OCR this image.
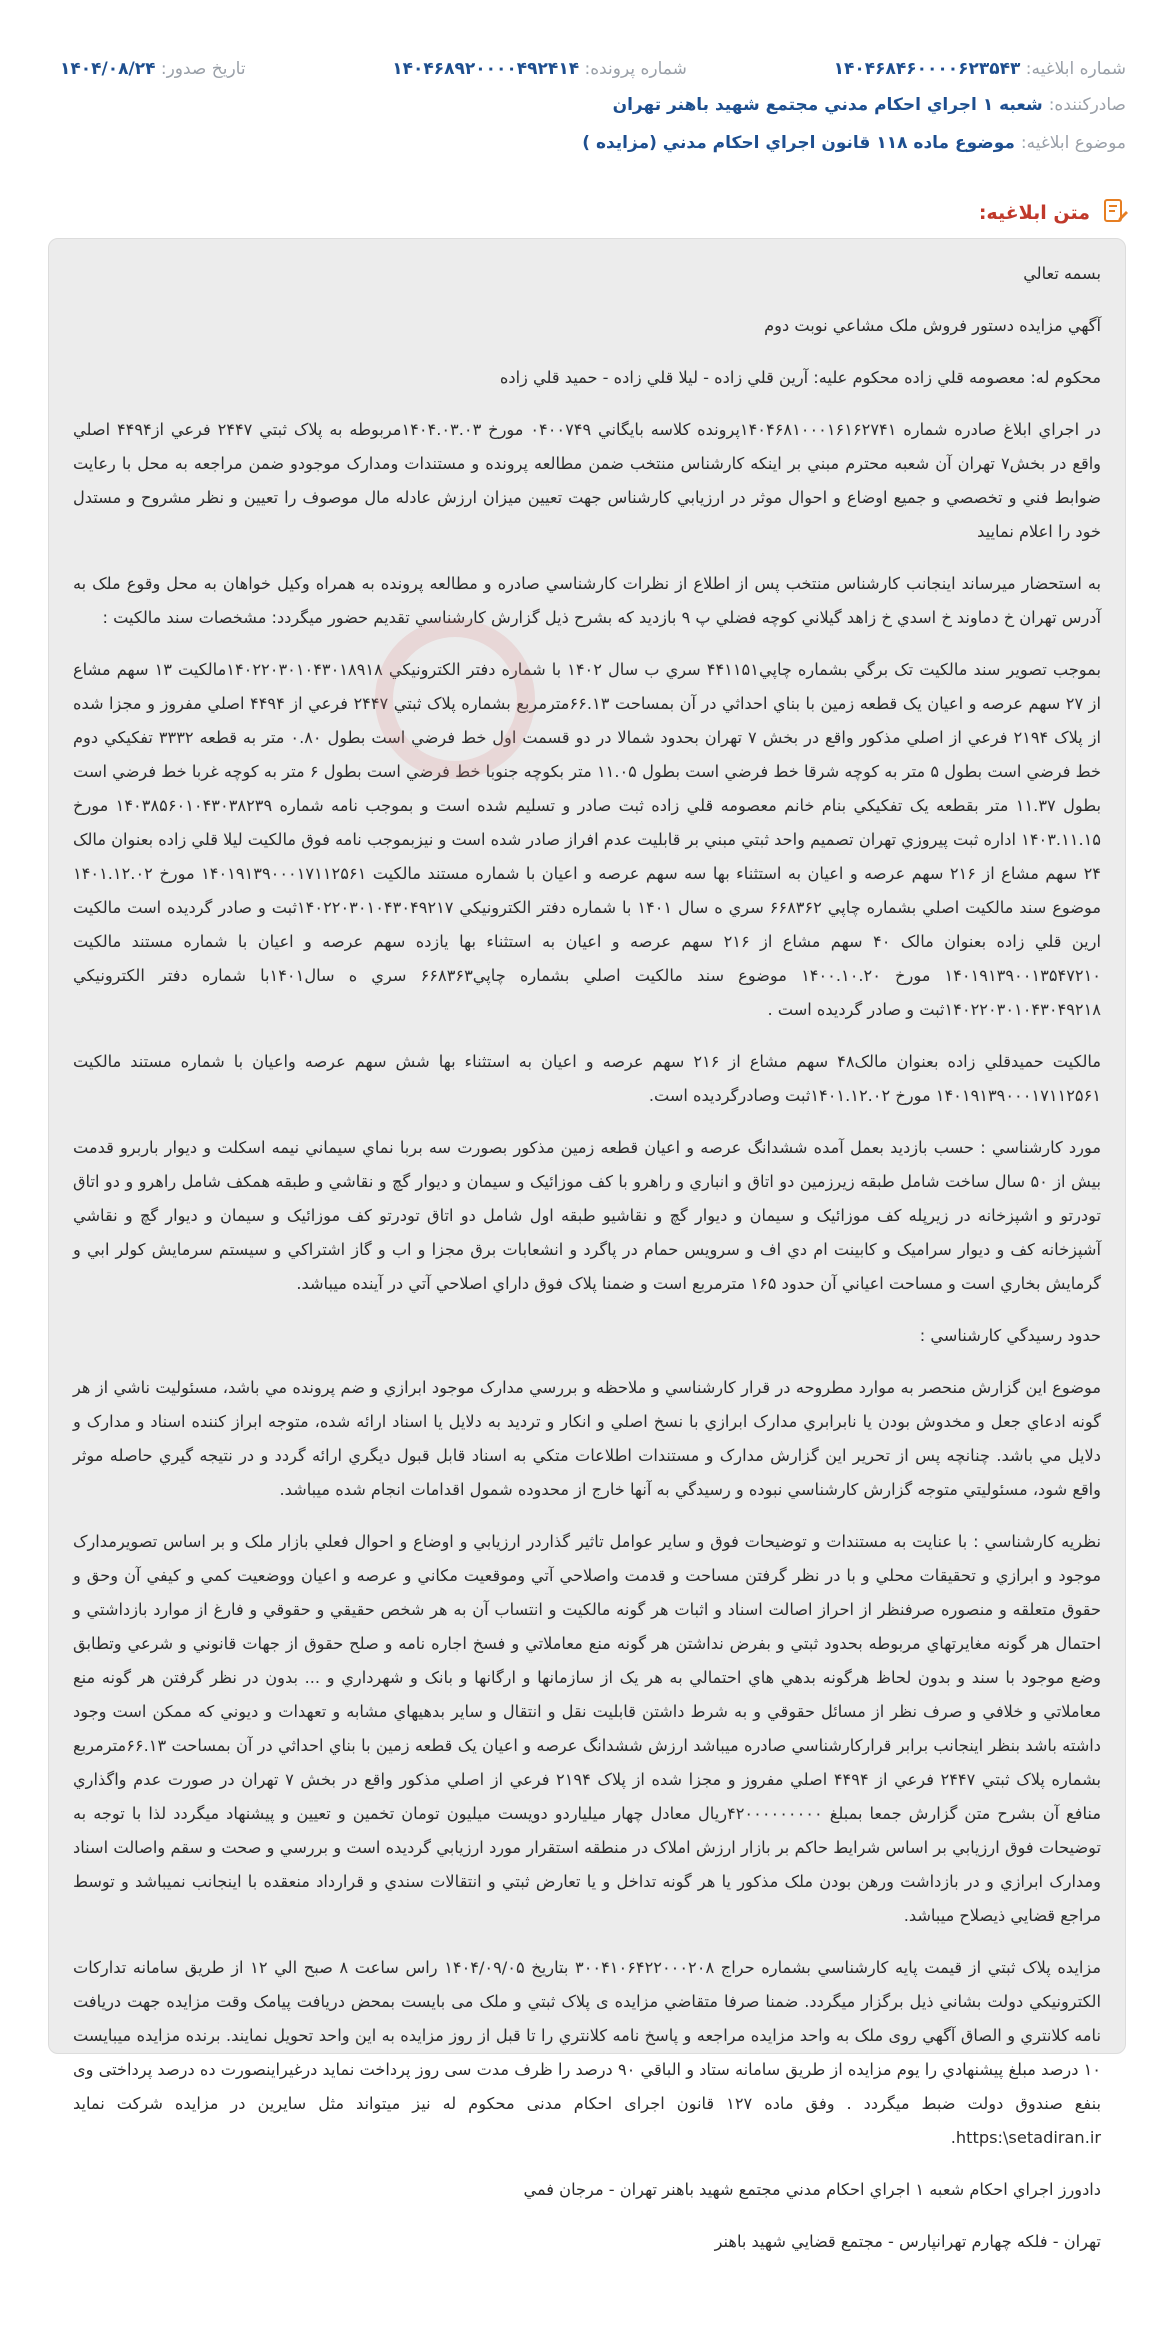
شماره ابلاغيه: ۱۴۰۴۶۸۴۶۰۰۰۰۶۲۳۵۴۳
شماره پرونده: ۱۴۰۴۶۸۹۲۰۰۰۰۴۹۲۴۱۴
تاريخ صدور: ۱۴۰۴/۰۸/۲۴
صادرکننده:
شعبه ۱ اجراي احكام مدني مجتمع شهيد باهنر تهران
موضوع ابلاغيه:
موضوع ماده ۱۱۸ قانون اجراي احكام مدني (مزايده )
متن ابلاغيه:

بسمه تعالي

آگهي مزايده دستور فروش ملک مشاعي نوبت دوم

محكوم له: معصومه قلي زاده محكوم عليه: آرين قلي زاده - ليلا قلي زاده - حميد قلي زاده

در اجراي ابلاغ صادره شماره ۱۴۰۴۶۸۱۰۰۰۱۶۱۶۲۷۴۱پرونده كلاسه بايگاني ۰۴۰۰۷۴۹ مورخ ۱۴۰۴.۰۳.۰۳مربوطه به پلاک ثبتي ۲۴۴۷ فرعي از۴۴۹۴ اصلي واقع در بخش۷ تهران آن شعبه محترم مبني بر اينكه كارشناس منتخب ضمن مطالعه پرونده و مستندات ومدارک موجودو ضمن مراجعه به محل با رعايت ضوابط فني و تخصصي و جميع اوضاع و احوال موثر در ارزيابي كارشناس جهت تعيين ميزان ارزش عادله مال موصوف را تعيين و نظر مشروح و مستدل خود را اعلام نماييد

به استحضار ميرساند اينجانب كارشناس منتخب پس از اطلاع از نظرات كارشناسي صادره و مطالعه پرونده به همراه وكيل خواهان به محل وقوع ملک به آدرس تهران خ دماوند خ اسدي خ زاهد گيلاني كوچه فضلي پ ۹ بازديد كه بشرح ذيل گزارش كارشناسي تقديم حضور ميگردد: مشخصات سند مالكيت :

بموجب تصوير سند مالكيت تک برگي بشماره چاپي۴۴۱۱۵۱ سري ب سال ۱۴۰۲ با شماره دفتر الكترونيكي ۱۴۰۲۲۰۳۰۱۰۴۳۰۱۸۹۱۸مالكيت ۱۳ سهم مشاع از ۲۷ سهم عرصه و اعيان يک قطعه زمين با بناي احداثي در آن بمساحت ۶۶.۱۳مترمربع بشماره پلاک ثبتي ۲۴۴۷ فرعي از ۴۴۹۴ اصلي مفروز و مجزا شده از پلاک ۲۱۹۴ فرعي از اصلي مذكور واقع در بخش ۷ تهران بحدود شمالا در دو قسمت اول خط فرضي است بطول ۰.۸۰ متر به قطعه ۳۳۳۲ تفكيكي دوم خط فرضي است بطول ۵ متر به كوچه شرقا خط فرضي است بطول ۱۱.۰۵ متر بكوچه جنوبا خط فرضي است بطول ۶ متر به كوچه غربا خط فرضي است بطول ۱۱.۳۷ متر بقطعه يک تفكيكي بنام خانم معصومه قلي زاده ثبت صادر و تسليم شده است و بموجب نامه شماره ۱۴۰۳۸۵۶۰۱۰۴۳۰۳۸۲۳۹ مورخ ۱۴۰۳.۱۱.۱۵ اداره ثبت پيروزي تهران تصميم واحد ثبتي مبني بر قابليت عدم افراز صادر شده است و نيزبموجب نامه فوق مالكيت ليلا قلي زاده بعنوان مالک ۲۴ سهم مشاع از ۲۱۶ سهم عرصه و اعيان به استثناء بها سه سهم عرصه و اعيان با شماره مستند مالكيت ۱۴۰۱۹۱۳۹۰۰۰۱۷۱۱۲۵۶۱ مورخ ۱۴۰۱.۱۲.۰۲ موضوع سند مالكيت اصلي بشماره چاپي ۶۶۸۳۶۲ سري ه سال ۱۴۰۱ با شماره دفتر الكترونيكي ۱۴۰۲۲۰۳۰۱۰۴۳۰۴۹۲۱۷ثبت و صادر گرديده است مالكيت ارين قلي زاده بعنوان مالک ۴۰ سهم مشاع از ۲۱۶ سهم عرصه و اعيان به استثناء بها يازده سهم عرصه و اعيان با شماره مستند مالكيت ۱۴۰۱۹۱۳۹۰۰۱۳۵۴۷۲۱۰ مورخ ۱۴۰۰.۱۰.۲۰ موضوع سند مالكيت اصلي بشماره چاپي۶۶۸۳۶۳ سري ه سال۱۴۰۱با شماره دفتر الكترونيكي ۱۴۰۲۲۰۳۰۱۰۴۳۰۴۹۲۱۸ثبت و صادر گرديده است .

مالكيت حميدقلي زاده بعنوان مالک۴۸ سهم مشاع از ۲۱۶ سهم عرصه و اعيان به استثناء بها شش سهم عرصه واعيان با شماره مستند مالكيت ۱۴۰۱۹۱۳۹۰۰۰۱۷۱۱۲۵۶۱ مورخ ۱۴۰۱.۱۲.۰۲ثبت وصادرگرديده است.

مورد كارشناسي : حسب بازديد بعمل آمده ششدانگ عرصه و اعيان قطعه زمين مذكور بصورت سه بربا نماي سيماني نيمه اسكلت و ديوار باربرو قدمت بيش از ۵۰ سال ساخت شامل طبقه زيرزمين دو اتاق و انباري و راهرو با كف موزائيک و سيمان و ديوار گچ و نقاشي و طبقه همكف شامل راهرو و دو اتاق تودرتو و اشپزخانه در زيرپله كف موزائيک و سيمان و ديوار گچ و نقاشيو طبقه اول شامل دو اتاق تودرتو كف موزائيک و سيمان و ديوار گچ و نقاشي آشپزخانه كف و ديوار سراميک و كابينت ام دي اف و سرويس حمام در پاگرد و انشعابات برق مجزا و اب و گاز اشتراكي و سيستم سرمايش كولر ابي و گرمايش بخاري است و مساحت اعياني آن حدود ۱۶۵ مترمربع است و ضمنا پلاک فوق داراي اصلاحي آتي در آينده ميباشد.

حدود رسيدگي كارشناسي :

موضوع اين گزارش منحصر به موارد مطروحه در قرار كارشناسي و ملاحظه و بررسي مدارک موجود ابرازي و ضم پرونده مي باشد، مسئوليت ناشي از هر گونه ادعاي جعل و مخدوش بودن يا نابرابري مدارک ابرازي با نسخ اصلي و انكار و ترديد به دلايل يا اسناد ارائه شده، متوجه ابراز كننده اسناد و مدارک و دلايل مي باشد. چنانچه پس از تحرير اين گزارش مدارک و مستندات اطلاعات متكي به اسناد قابل قبول ديگري ارائه گردد و در نتيجه گيري حاصله موثر واقع شود، مسئوليتي متوجه گزارش كارشناسي نبوده و رسيدگي به آنها خارج از محدوده شمول اقدامات انجام شده ميباشد.

نظريه كارشناسي : با عنايت به مستندات و توضيحات فوق و ساير عوامل تاثير گذاردر ارزيابي و اوضاع و احوال فعلي بازار ملک و بر اساس تصويرمدارک موجود و ابرازي و تحقيقات محلي و با در نظر گرفتن مساحت و قدمت واصلاحي آتي وموقعيت مكاني و عرصه و اعيان ووضعيت كمي و كيفي آن وحق و حقوق متعلقه و منصوره صرفنظر از احراز اصالت اسناد و اثبات هر گونه مالكيت و انتساب آن به هر شخص حقيقي و حقوقي و فارغ از موارد بازداشتي و احتمال هر گونه مغايرتهاي مربوطه بحدود ثبتي و بفرض نداشتن هر گونه منع معاملاتي و فسخ اجاره نامه و صلح حقوق از جهات قانوني و شرعي وتطابق وضع موجود با سند و بدون لحاظ هرگونه بدهي هاي احتمالي به هر يک از سازمانها و ارگانها و بانک و شهرداري و ... بدون در نظر گرفتن هر گونه منع معاملاتي و خلافي و صرف نظر از مسائل حقوقي و به شرط داشتن قابليت نقل و انتقال و ساير بدهيهاي مشابه و تعهدات و ديوني كه ممكن است وجود داشته باشد بنظر اينجانب برابر قراركارشناسي صادره ميباشد ارزش ششدانگ عرصه و اعيان يک قطعه زمين با بناي احداثي در آن بمساحت ۶۶.۱۳مترمربع بشماره پلاک ثبتي ۲۴۴۷ فرعي از ۴۴۹۴ اصلي مفروز و مجزا شده از پلاک ۲۱۹۴ فرعي از اصلي مذكور واقع در بخش ۷ تهران در صورت عدم واگذاري منافع آن بشرح متن گزارش جمعا بمبلغ ۴۲۰۰۰۰۰۰۰۰۰ريال معادل چهار ميلياردو دويست ميليون تومان تخمين و تعيين و پيشنهاد ميگردد لذا با توجه به توضيحات فوق ارزيابي بر اساس شرايط حاكم بر بازار ارزش املاک در منطقه استقرار مورد ارزيابي گرديده است و بررسي و صحت و سقم واصالت اسناد ومدارک ابرازي و در بازداشت ورهن بودن ملک مذكور يا هر گونه تداخل و يا تعارض ثبتي و انتقالات سندي و قرارداد منعقده با اينجانب نميباشد و توسط مراجع قضايي ذيصلاح ميباشد.

مزايده پلاک ثبتي از قيمت پايه كارشناسي بشماره حراج ۳۰۰۴۱۰۶۴۲۲۰۰۰۲۰۸ بتاريخ ۱۴۰۴/۰۹/۰۵ راس ساعت ۸ صبح الي ۱۲ از طريق سامانه تداركات الكترونيكي دولت بشاني ذيل برگزار ميگردد. ضمنا صرفا متقاضي مزايده ى پلاک ثبتي و ملک مى بايست بمحض دريافت پيامک وقت مزايده جهت دريافت نامه كلانتري و الصاق آگهي روى ملک به واحد مزايده مراجعه و پاسخ نامه كلانتري را تا قبل از روز مزايده به اين واحد تحويل نمايند. برنده مزايده ميبايست ۱۰ درصد مبلغ پيشنهادي را يوم مزايده از طريق سامانه ستاد و الباقي ۹۰ درصد را ظرف مدت سى روز پرداخت نمايد درغيراينصورت ده درصد پرداختى وى بنفع صندوق دولت ضبط ميگردد . وفق ماده ۱۲۷ قانون اجراى احكام مدنى محكوم له نيز ميتواند مثل سايرين در مزايده شركت نمايد https:\setadiran.ir.

دادورز اجراي احكام شعبه ۱ اجراي احكام مدني مجتمع شهيد باهنر تهران - مرجان فمي

تهران - فلكه چهارم تهرانپارس - مجتمع قضايي شهيد باهنر
